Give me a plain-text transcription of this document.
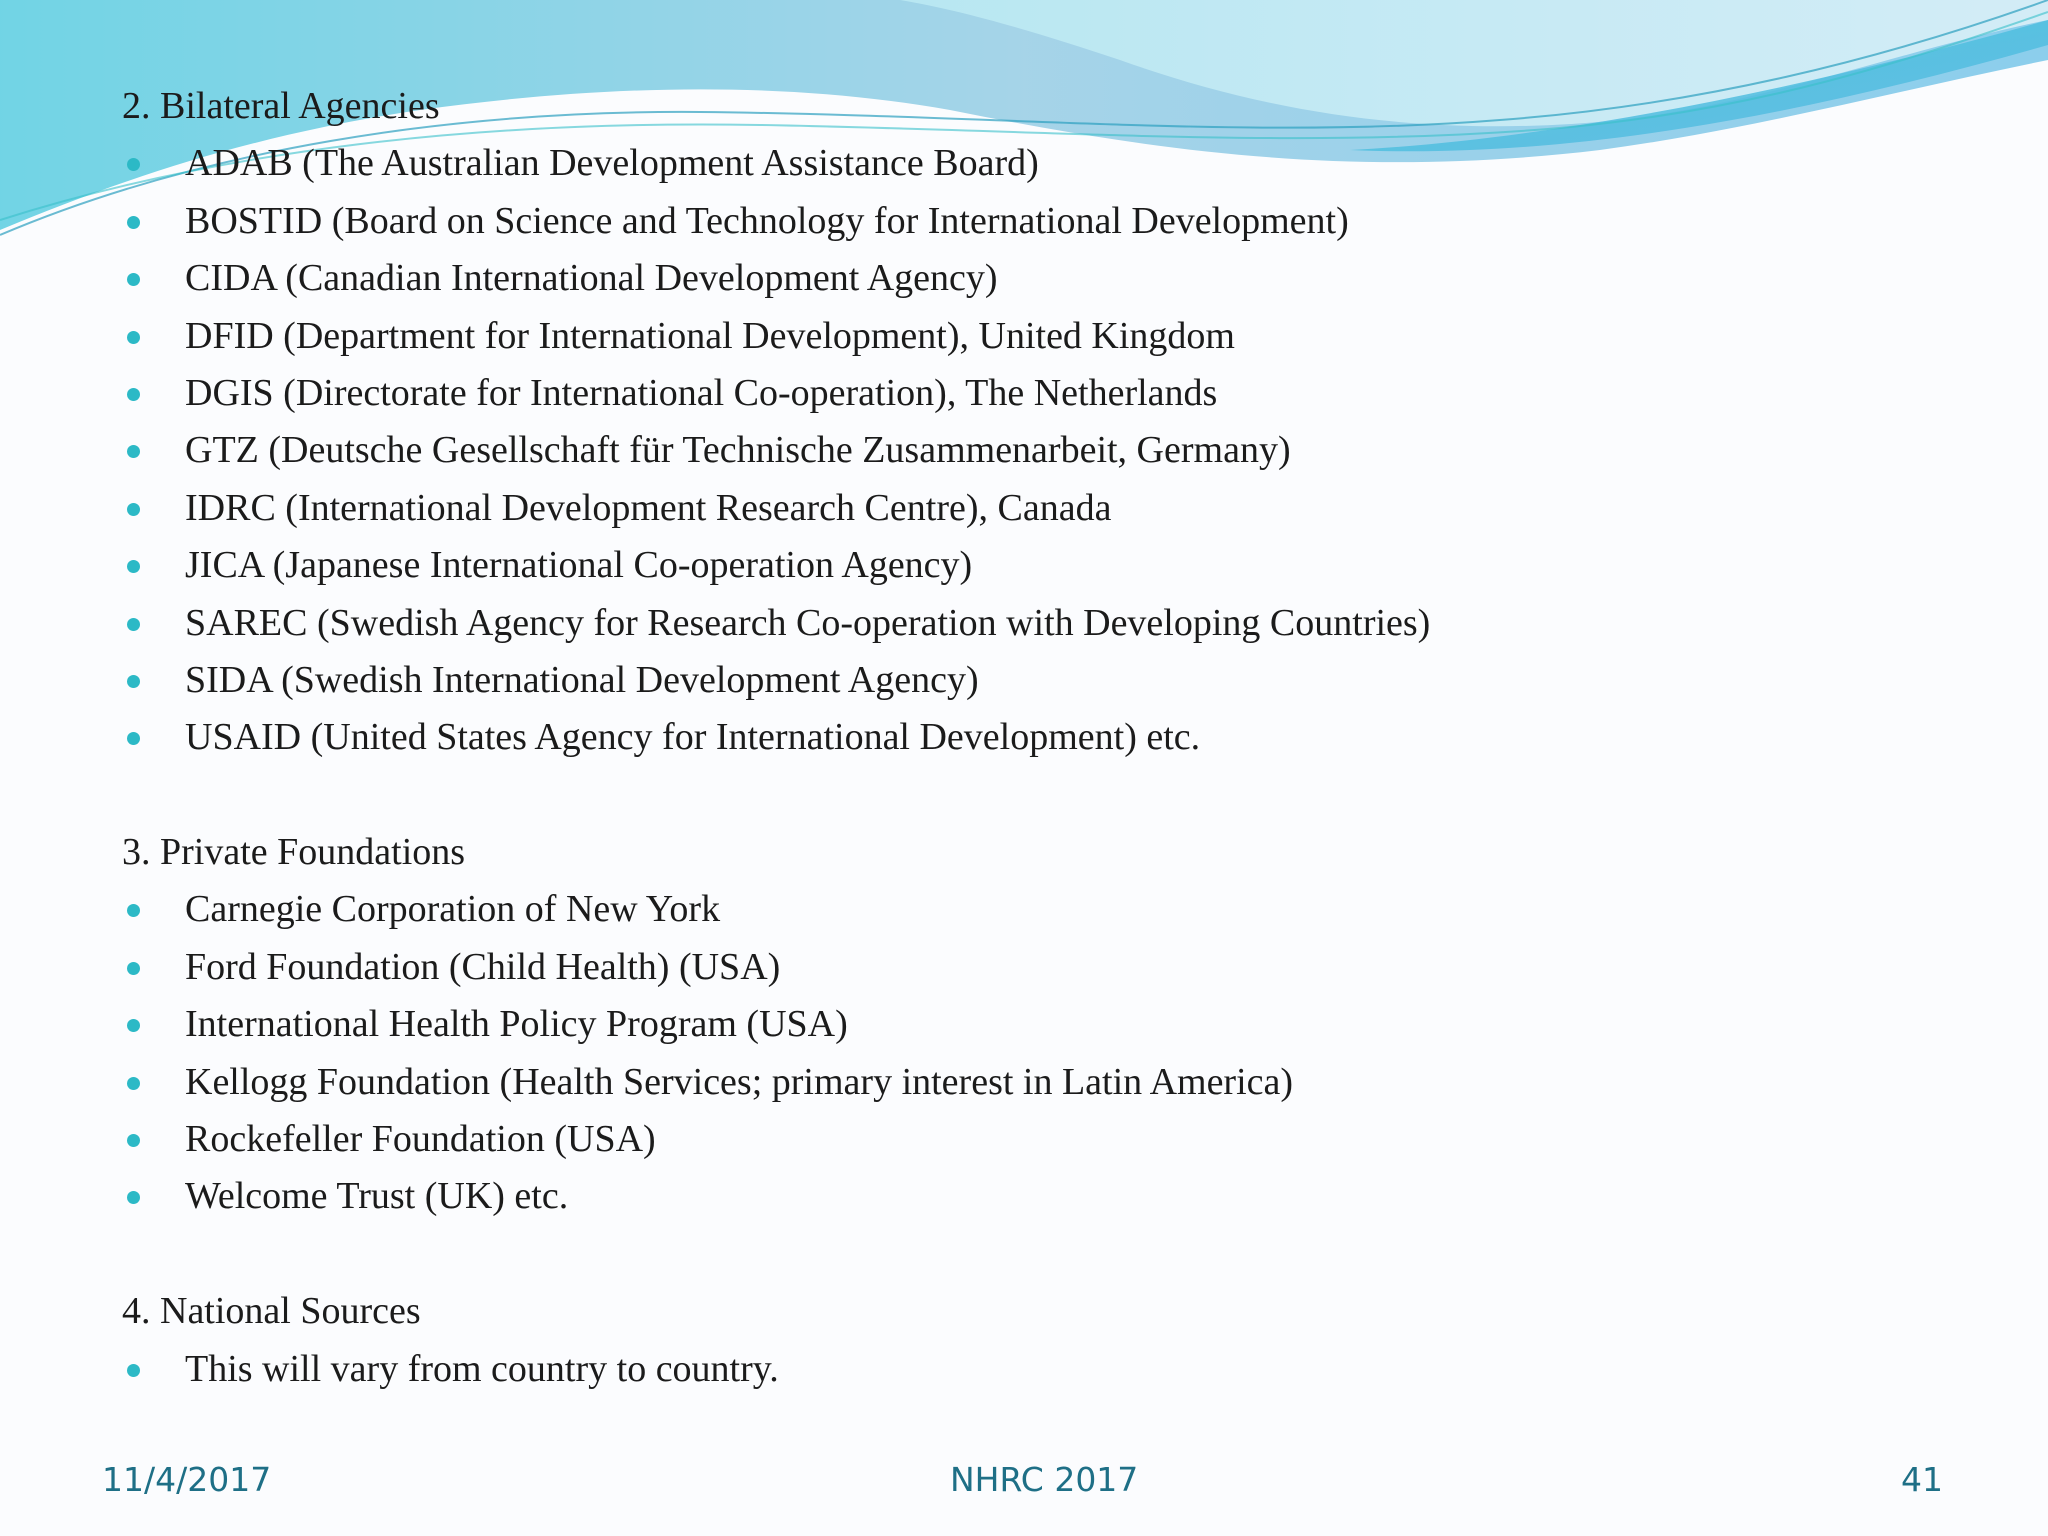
2. Bilateral Agencies
ADAB (The Australian Development Assistance Board)
BOSTID (Board on Science and Technology for International Development)
CIDA (Canadian International Development Agency)
DFID (Department for International Development), United Kingdom
DGIS (Directorate for International Co-operation), The Netherlands
GTZ (Deutsche Gesellschaft für Technische Zusammenarbeit, Germany)
IDRC (International Development Research Centre), Canada
JICA (Japanese International Co-operation Agency)
SAREC (Swedish Agency for Research Co-operation with Developing Countries)
SIDA (Swedish International Development Agency)
USAID (United States Agency for International Development) etc.
3. Private Foundations
Carnegie Corporation of New York
Ford Foundation (Child Health) (USA)
International Health Policy Program (USA)
Kellogg Foundation (Health Services; primary interest in Latin America)
Rockefeller Foundation (USA)
Welcome Trust (UK) etc.
4. National Sources
This will vary from country to country.
11/4/2017	NHRC 2017	41
